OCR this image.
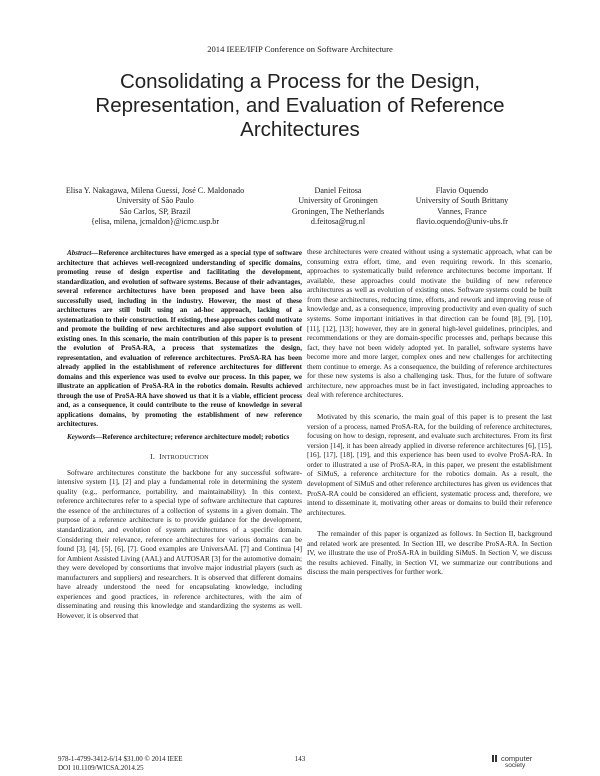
2014 IEEE/IFIP Conference on Software Architecture
Consolidating a Process for the Design, Representation, and Evaluation of Reference Architectures
Elisa Y. Nakagawa, Milena Guessi, José C. Maldonado
University of São Paulo
São Carlos, SP, Brazil
{elisa, milena, jcmaldon}@icmc.usp.br
Daniel Feitosa
University of Groningen
Groningen, The Netherlands
d.feitosa@rug.nl
Flavio Oquendo
University of South Brittany
Vannes, France
flavio.oquendo@univ-ubs.fr

Abstract—Reference architectures have emerged as a special type of software architecture that achieves well-recognized understanding of specific domains, promoting reuse of design expertise and facilitating the development, standardization, and evolution of software systems. Because of their advantages, several reference architectures have been proposed and have been also successfully used, including in the industry. However, the most of these architectures are still built using an ad-hoc approach, lacking of a systematization to their construction. If existing, these approaches could motivate and promote the building of new architectures and also support evolution of existing ones. In this scenario, the main contribution of this paper is to present the evolution of ProSA-RA, a process that systematizes the design, representation, and evaluation of reference architectures. ProSA-RA has been already applied in the establishment of reference architectures for different domains and this experience was used to evolve our process. In this paper, we illustrate an application of ProSA-RA in the robotics domain. Results achieved through the use of ProSA-RA have showed us that it is a viable, efficient process and, as a consequence, it could contribute to the reuse of knowledge in several applications domains, by promoting the establishment of new reference architectures.

Keywords—Reference architecture; reference architecture model; robotics

I. INTRODUCTION

Software architectures constitute the backbone for any successful software-intensive system [1], [2] and play a fundamental role in determining the system quality (e.g., performance, portability, and maintainability). In this context, reference architectures refer to a special type of software architecture that captures the essence of the architectures of a collection of systems in a given domain. The purpose of a reference architecture is to provide guidance for the development, standardization, and evolution of system architectures of a specific domain. Considering their relevance, reference architectures for various domains can be found [3], [4], [5], [6], [7]. Good examples are UniversAAL [7] and Continua [4] for Ambient Assisted Living (AAL) and AUTOSAR [3] for the automotive domain; they were developed by consortiums that involve major industrial players (such as manufacturers and suppliers) and researchers. It is observed that different domains have already understood the need for encapsulating knowledge, including experiences and good practices, in reference architectures, with the aim of disseminating and reusing this knowledge and standardizing the systems as well. However, it is observed that

these architectures were created without using a systematic approach, what can be consuming extra effort, time, and even requiring rework. In this scenario, approaches to systematically build reference architectures become important. If available, these approaches could motivate the building of new reference architectures as well as evolution of existing ones. Software systems could be built from these architectures, reducing time, efforts, and rework and improving reuse of knowledge and, as a consequence, improving productivity and even quality of such systems. Some important initiatives in that direction can be found [8], [9], [10], [11], [12], [13]; however, they are in general high-level guidelines, principles, and recommendations or they are domain-specific processes and, perhaps because this fact, they have not been widely adopted yet. In parallel, software systems have become more and more larger, complex ones and new challenges for architecting them continue to emerge. As a consequence, the building of reference architectures for these new systems is also a challenging task. Thus, for the future of software architecture, new approaches must be in fact investigated, including approaches to deal with reference architectures.

Motivated by this scenario, the main goal of this paper is to present the last version of a process, named ProSA-RA, for the building of reference architectures, focusing on how to design, represent, and evaluate such architectures. From its first version [14], it has been already applied in diverse reference architectures [6], [15], [16], [17], [18], [19], and this experience has been used to evolve ProSA-RA. In order to illustrated a use of ProSA-RA, in this paper, we present the establishment of SiMuS, a reference architecture for the robotics domain. As a result, the development of SiMuS and other reference architectures has given us evidences that ProSA-RA could be considered an efficient, systematic process and, therefore, we intend to disseminate it, motivating other areas or domains to build their reference architectures.

The remainder of this paper is organized as follows. In Section II, background and related work are presented. In Section III, we describe ProSA-RA. In Section IV, we illustrate the use of ProSA-RA in building SiMuS. In Section V, we discuss the results achieved. Finally, in Section VI, we summarize our contributions and discuss the main perspectives for further work.

978-1-4799-3412-6/14 $31.00 © 2014 IEEE
DOI 10.1109/WICSA.2014.25
143	computer
society
